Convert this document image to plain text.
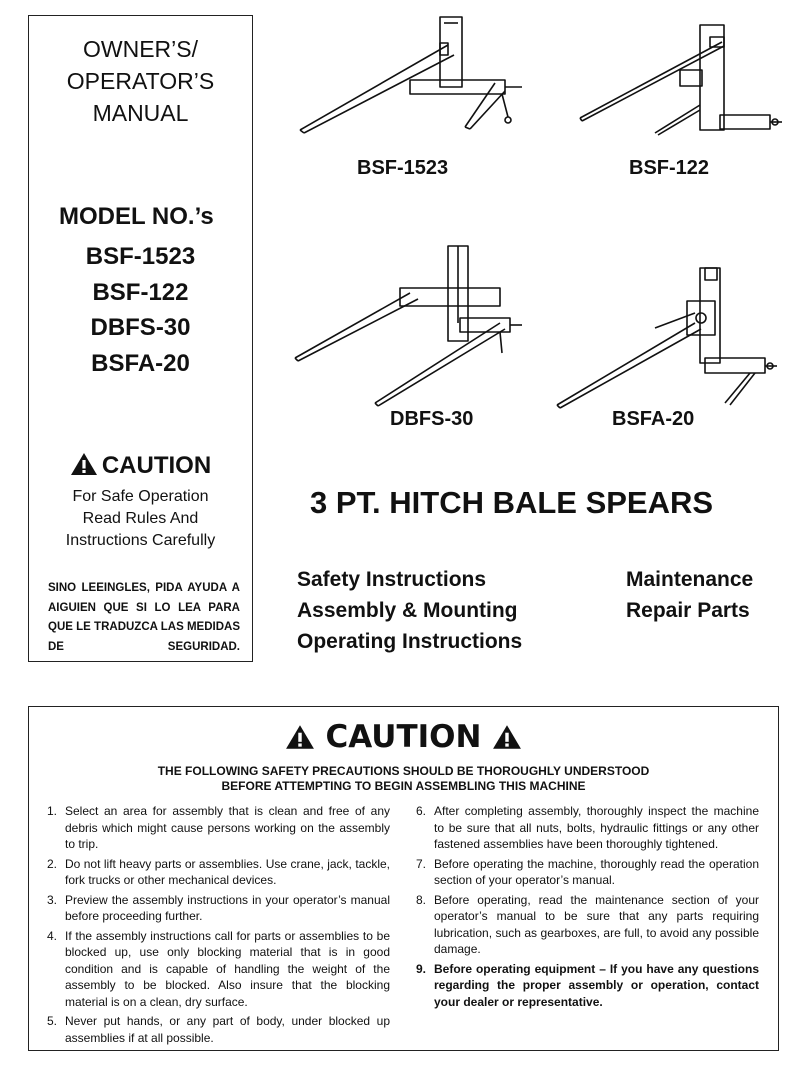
OWNER’S/
OPERATOR’S
MANUAL
MODEL NO.’s
BSF-1523
BSF-122
DBFS-30
BSFA-20
CAUTION
For Safe Operation
Read Rules And
Instructions Carefully
SINO LEEINGLES, PIDA AYUDA A AIGUIEN QUE SI LO LEA PARA QUE LE TRADUZCA LAS MEDIDAS DE SEGURIDAD.
BSF-1523	BSF-122
DBFS-30	BSFA-20
3 PT. HITCH BALE SPEARS
Safety Instructions
Assembly & Mounting
Operating Instructions
Maintenance
Repair Parts
CAUTION
THE FOLLOWING SAFETY PRECAUTIONS SHOULD BE THOROUGHLY UNDERSTOOD
BEFORE ATTEMPTING TO BEGIN ASSEMBLING THIS MACHINE
1. Select an area for assembly that is clean and free of any debris which might cause persons working on the assembly to trip.
2. Do not lift heavy parts or assemblies. Use crane, jack, tackle, fork trucks or other mechanical devices.
3. Preview the assembly instructions in your operator’s manual before proceeding further.
4. If the assembly instructions call for parts or assemblies to be blocked up, use only blocking material that is in good condition and is capable of handling the weight of the assembly to be blocked. Also insure that the blocking material is on a clean, dry surface.
5. Never put hands, or any part of body, under blocked up assemblies if at all possible.
6. After completing assembly, thoroughly inspect the machine to be sure that all nuts, bolts, hydraulic fittings or any other fastened assemblies have been thoroughly tightened.
7. Before operating the machine, thoroughly read the operation section of your operator’s manual.
8. Before operating, read the maintenance section of your operator’s manual to be sure that any parts requiring lubrication, such as gearboxes, are full, to avoid any possible damage.
9. Before operating equipment – If you have any questions regarding the proper assembly or operation, contact your dealer or representative.
